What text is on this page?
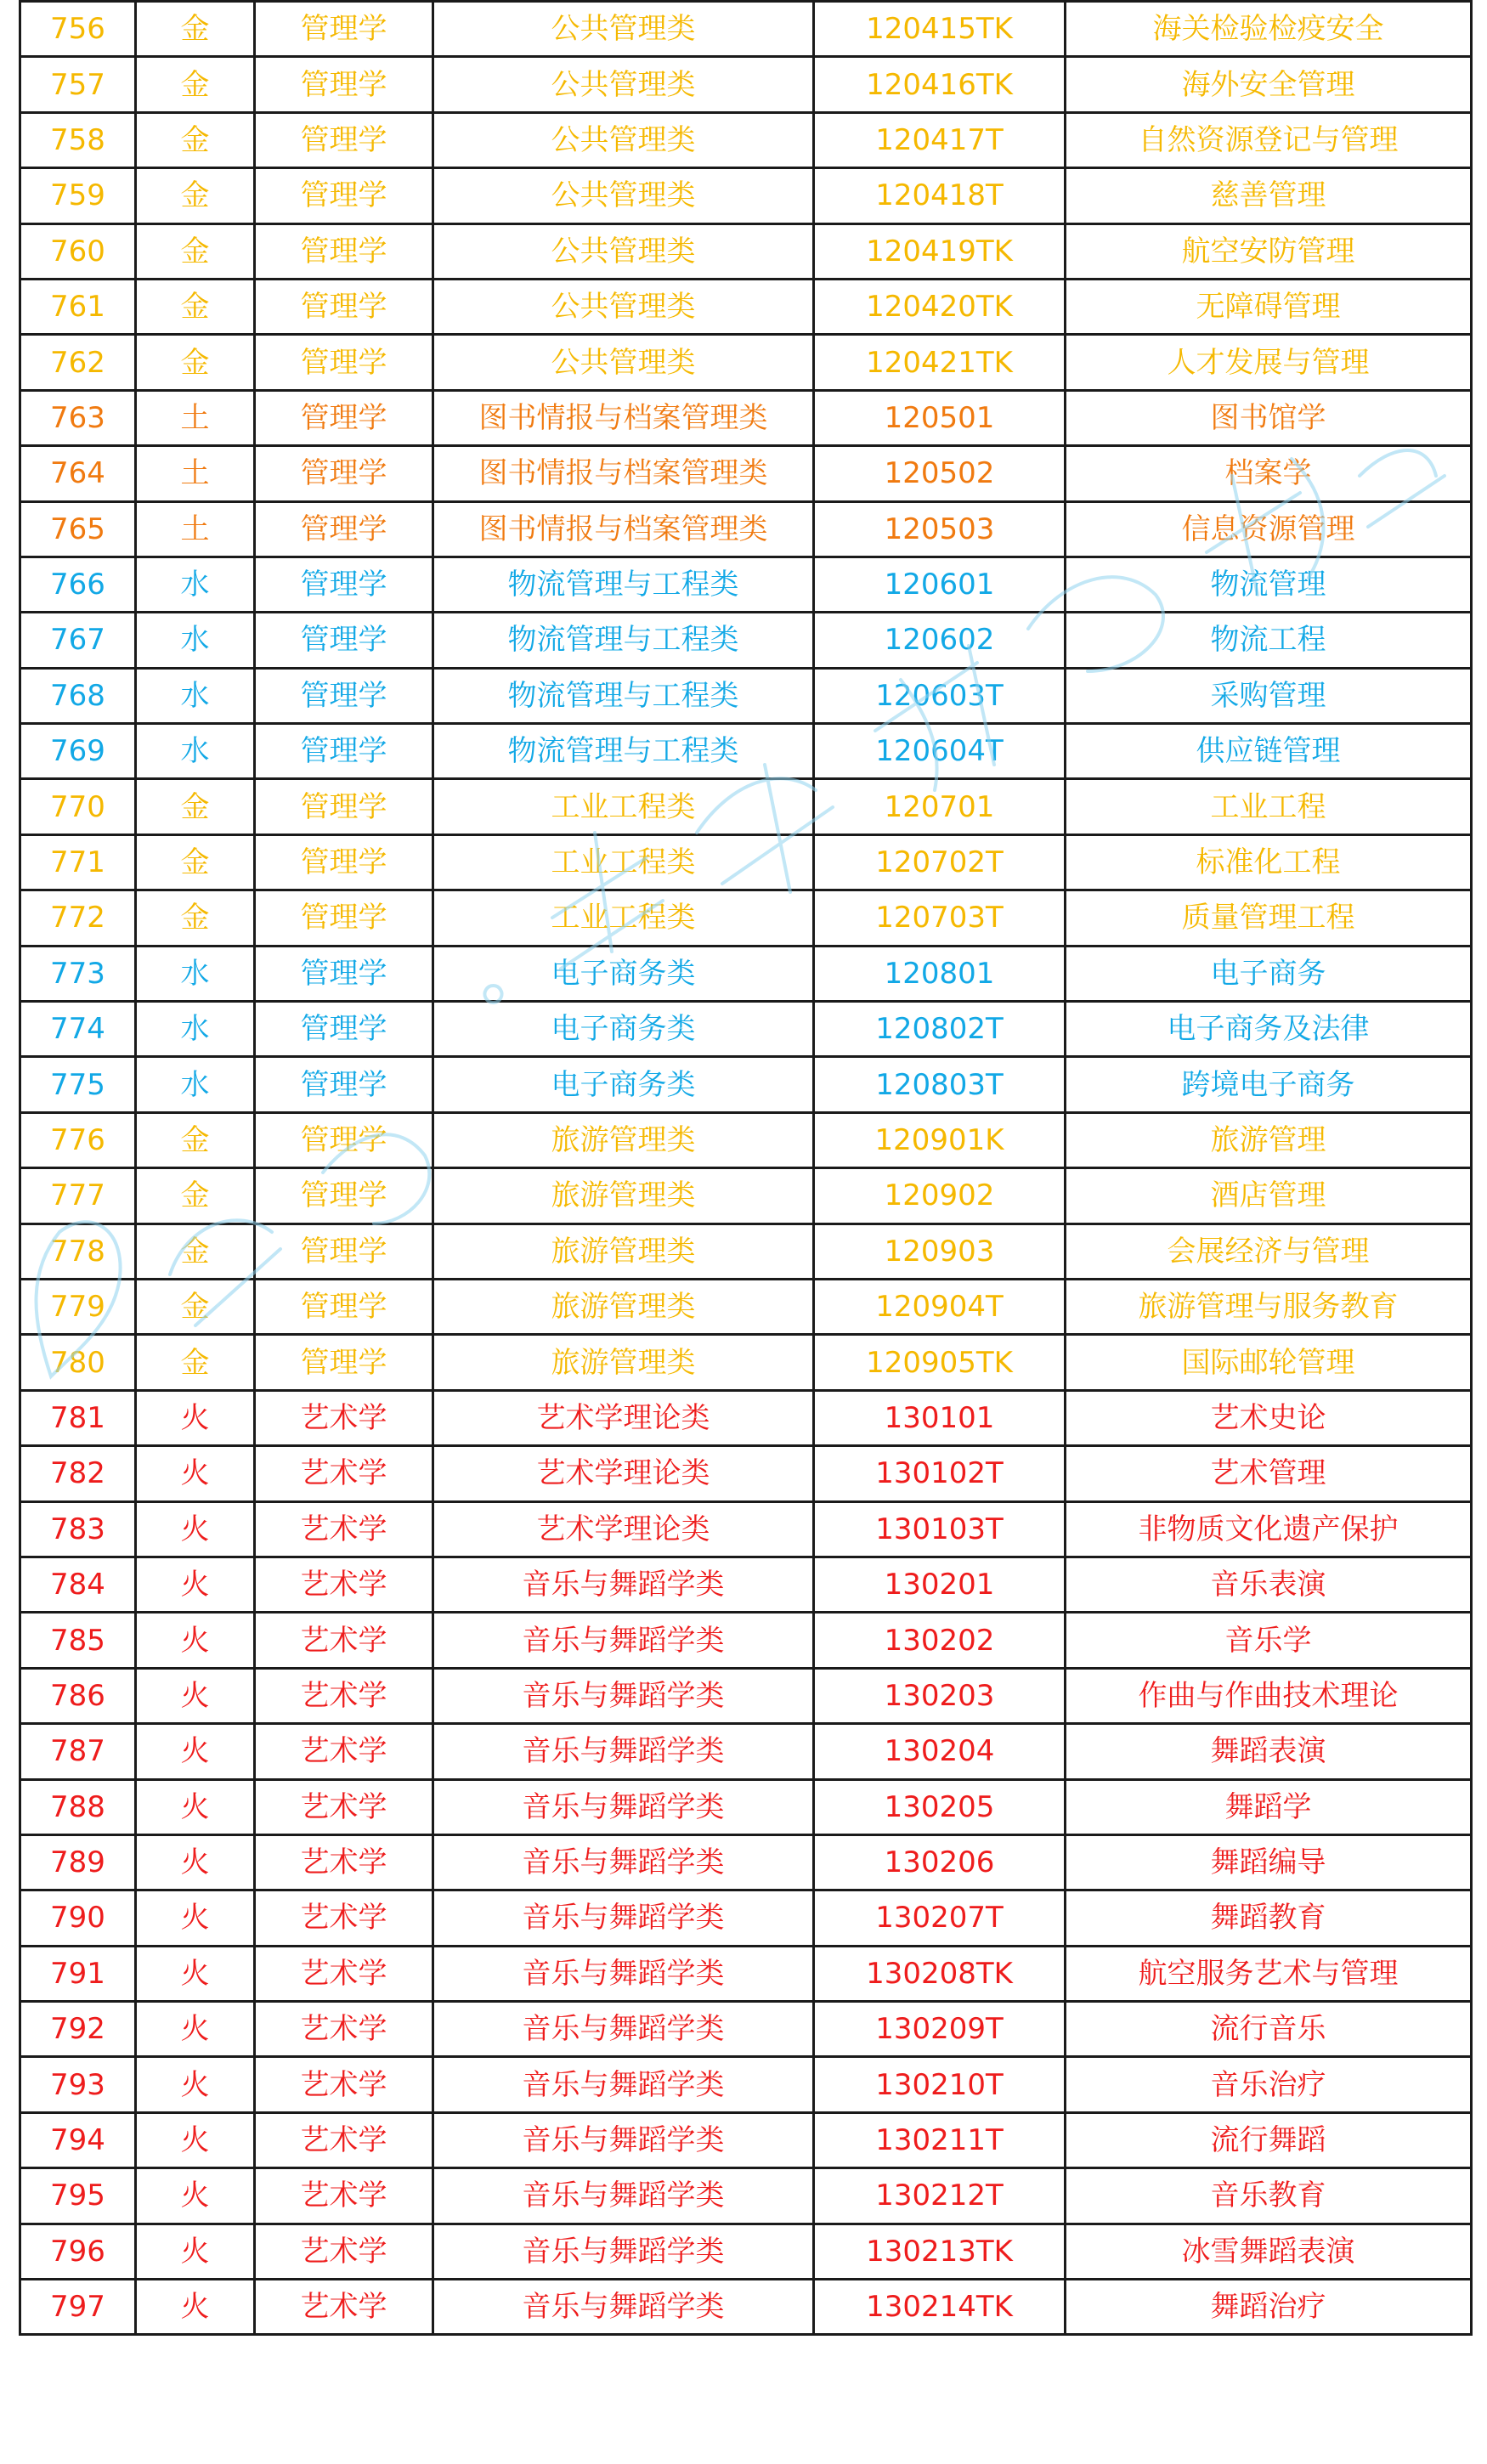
756	金	管理学	公共管理类	120415TK	海关检验检疫安全
757	金	管理学	公共管理类	120416TK	海外安全管理
758	金	管理学	公共管理类	120417T	自然资源登记与管理
759	金	管理学	公共管理类	120418T	慈善管理
760	金	管理学	公共管理类	120419TK	航空安防管理
761	金	管理学	公共管理类	120420TK	无障碍管理
762	金	管理学	公共管理类	120421TK	人才发展与管理
763	土	管理学	图书情报与档案管理类	120501	图书馆学
764	土	管理学	图书情报与档案管理类	120502	档案学
765	土	管理学	图书情报与档案管理类	120503	信息资源管理
766	水	管理学	物流管理与工程类	120601	物流管理
767	水	管理学	物流管理与工程类	120602	物流工程
768	水	管理学	物流管理与工程类	120603T	采购管理
769	水	管理学	物流管理与工程类	120604T	供应链管理
770	金	管理学	工业工程类	120701	工业工程
771	金	管理学	工业工程类	120702T	标准化工程
772	金	管理学	工业工程类	120703T	质量管理工程
773	水	管理学	电子商务类	120801	电子商务
774	水	管理学	电子商务类	120802T	电子商务及法律
775	水	管理学	电子商务类	120803T	跨境电子商务
776	金	管理学	旅游管理类	120901K	旅游管理
777	金	管理学	旅游管理类	120902	酒店管理
778	金	管理学	旅游管理类	120903	会展经济与管理
779	金	管理学	旅游管理类	120904T	旅游管理与服务教育
780	金	管理学	旅游管理类	120905TK	国际邮轮管理
781	火	艺术学	艺术学理论类	130101	艺术史论
782	火	艺术学	艺术学理论类	130102T	艺术管理
783	火	艺术学	艺术学理论类	130103T	非物质文化遗产保护
784	火	艺术学	音乐与舞蹈学类	130201	音乐表演
785	火	艺术学	音乐与舞蹈学类	130202	音乐学
786	火	艺术学	音乐与舞蹈学类	130203	作曲与作曲技术理论
787	火	艺术学	音乐与舞蹈学类	130204	舞蹈表演
788	火	艺术学	音乐与舞蹈学类	130205	舞蹈学
789	火	艺术学	音乐与舞蹈学类	130206	舞蹈编导
790	火	艺术学	音乐与舞蹈学类	130207T	舞蹈教育
791	火	艺术学	音乐与舞蹈学类	130208TK	航空服务艺术与管理
792	火	艺术学	音乐与舞蹈学类	130209T	流行音乐
793	火	艺术学	音乐与舞蹈学类	130210T	音乐治疗
794	火	艺术学	音乐与舞蹈学类	130211T	流行舞蹈
795	火	艺术学	音乐与舞蹈学类	130212T	音乐教育
796	火	艺术学	音乐与舞蹈学类	130213TK	冰雪舞蹈表演
797	火	艺术学	音乐与舞蹈学类	130214TK	舞蹈治疗
